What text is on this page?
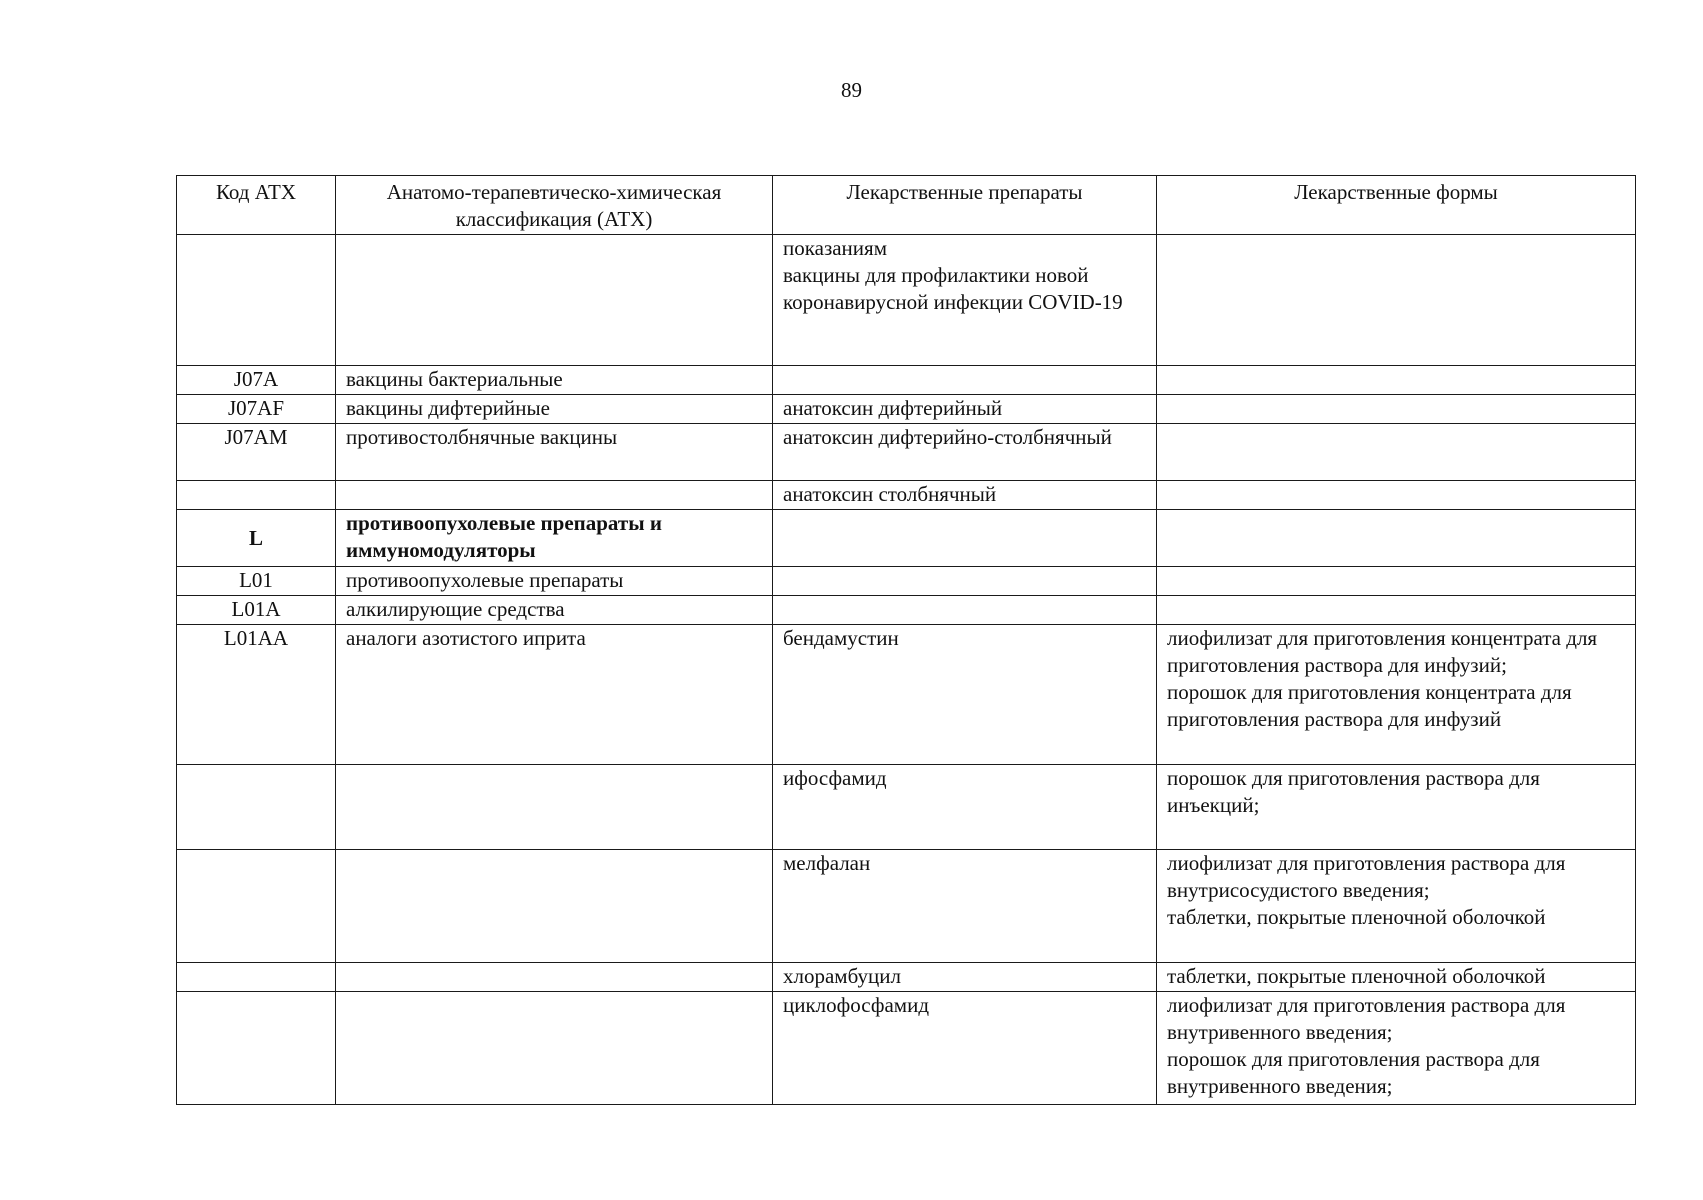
89
Код АТХ	Анатомо-терапевтическо-химическая классификация (АТХ)	Лекарственные препараты	Лекарственные формы

		показаниям
вакцины для профилактики новой коронавирусной инфекции COVID-19	

J07A	вакцины бактериальные		
J07AF	вакцины дифтерийные	анатоксин дифтерийный	

J07AM	противостолбнячные вакцины	анатоксин дифтерийно-столбнячный	

		анатоксин столбнячный	

L	противоопухолевые препараты и иммуномодуляторы		
L01	противоопухолевые препараты		
L01A	алкилирующие средства		
L01AA	аналоги азотистого иприта	бендамустин	лиофилизат для приготовления концентрата для приготовления раствора для инфузий;
порошок для приготовления концентрата для приготовления раствора для инфузий

		ифосфамид	порошок для приготовления раствора для инъекций;

		мелфалан	лиофилизат для приготовления раствора для внутрисосудистого введения;
таблетки, покрытые пленочной оболочкой

		хлорамбуцил	таблетки, покрытые пленочной оболочкой

		циклофосфамид	лиофилизат для приготовления раствора для внутривенного введения;
порошок для приготовления раствора для внутривенного введения;
